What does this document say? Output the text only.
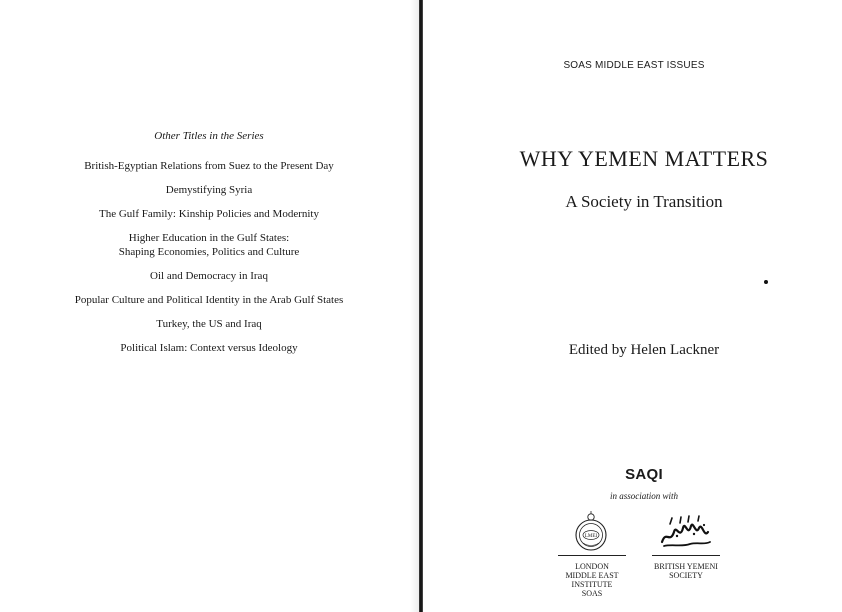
Other Titles in the Series
British-Egyptian Relations from Suez to the Present Day
Demystifying Syria
The Gulf Family: Kinship Policies and Modernity
Higher Education in the Gulf States:
Shaping Economies, Politics and Culture
Oil and Democracy in Iraq
Popular Culture and Political Identity in the Arab Gulf States
Turkey, the US and Iraq
Political Islam: Context versus Ideology
SOAS MIDDLE EAST ISSUES
WHY YEMEN MATTERS
A Society in Transition
Edited by Helen Lackner
SAQI
in association with
LMEI
LONDON
MIDDLE EAST
INSTITUTE
SOAS
BRITISH YEMENI
SOCIETY
